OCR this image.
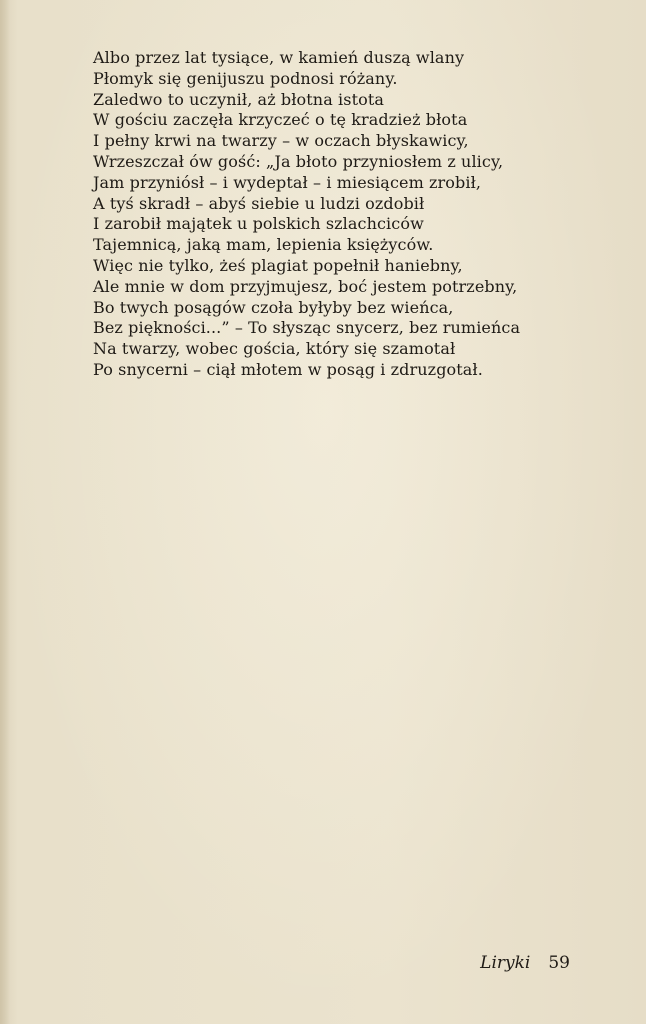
Albo przez lat tysiące, w kamień duszą wlany
Płomyk się genijuszu podnosi różany.
Zaledwo to uczynił, aż błotna istota
W gościu zaczęła krzyczeć o tę kradzież błota
I pełny krwi na twarzy – w oczach błyskawicy,
Wrzeszczał ów gość: „Ja błoto przyniosłem z ulicy,
Jam przyniósł – i wydeptał – i miesiącem zrobił,
A tyś skradł – abyś siebie u ludzi ozdobił
I zarobił majątek u polskich szlachciców
Tajemnicą, jaką mam, lepienia księżyców.
Więc nie tylko, żeś plagiat popełnił haniebny,
Ale mnie w dom przyjmujesz, boć jestem potrzebny,
Bo twych posągów czoła byłyby bez wieńca,
Bez piękności...” – To słysząc snycerz, bez rumieńca
Na twarzy, wobec gościa, który się szamotał
Po snycerni – ciął młotem w posąg i zdruzgotał.
Liryki 59
